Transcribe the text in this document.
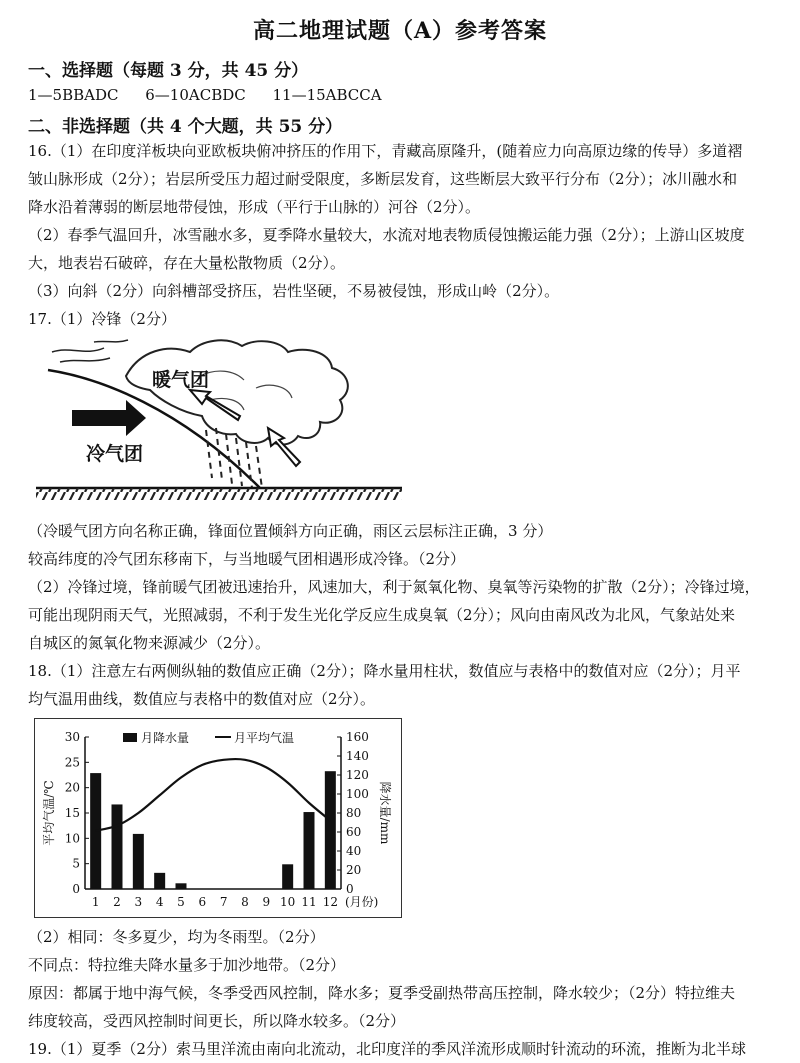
高二地理试题（A）参考答案
一、选择题（每题 3 分，共 45 分）
1—5BBADC 6—10ACBDC 11—15ABCCA
二、非选择题（共 4 个大题，共 55 分）
16.（1）在印度洋板块向亚欧板块俯冲挤压的作用下，青藏高原隆升，(随着应力向高原边缘的传导）多道褶
皱山脉形成（2分）；岩层所受压力超过耐受限度，多断层发育，这些断层大致平行分布（2分）；冰川融水和
降水沿着薄弱的断层地带侵蚀，形成（平行于山脉的）河谷（2分）。
（2）春季气温回升，冰雪融水多，夏季降水量较大，水流对地表物质侵蚀搬运能力强（2分）；上游山区坡度
大，地表岩石破碎，存在大量松散物质（2分）。
（3）向斜（2分）向斜槽部受挤压，岩性坚硬，不易被侵蚀，形成山岭（2分）。
17.（1）冷锋（2分）
暖气团
冷气团
（冷暖气团方向名称正确，锋面位置倾斜方向正确，雨区云层标注正确，3 分）
较高纬度的冷气团东移南下，与当地暖气团相遇形成冷锋。（2分）
（2）冷锋过境，锋前暖气团被迅速抬升，风速加大，利于氮氧化物、臭氧等污染物的扩散（2分）；冷锋过境，
可能出现阴雨天气，光照减弱，不利于发生光化学反应生成臭氧（2分）；风向由南风改为北风，气象站处来
自城区的氮氧化物来源减少（2分）。
18.（1）注意左右两侧纵轴的数值应正确（2分）；降水量用柱状，数值应与表格中的数值对应（2分）；月平
均气温用曲线，数值应与表格中的数值对应（2分）。
0
5
10
15
20
25
30
0
20
40
60
80
100
120
140
160
1 2 3 4 5 6 7 8 9 10 11 12 (月份)
月降水量	月平均气温
平均气温/℃	降水量/mm
（2）相同：冬多夏少，均为冬雨型。（2分）
不同点：特拉维夫降水量多于加沙地带。（2分）
原因：都属于地中海气候，冬季受西风控制，降水多；夏季受副热带高压控制，降水较少；（2分）特拉维夫
纬度较高，受西风控制时间更长，所以降水较多。（2分）
19.（1）夏季（2分）索马里洋流由南向北流动，北印度洋的季风洋流形成顺时针流动的环流，推断为北半球
